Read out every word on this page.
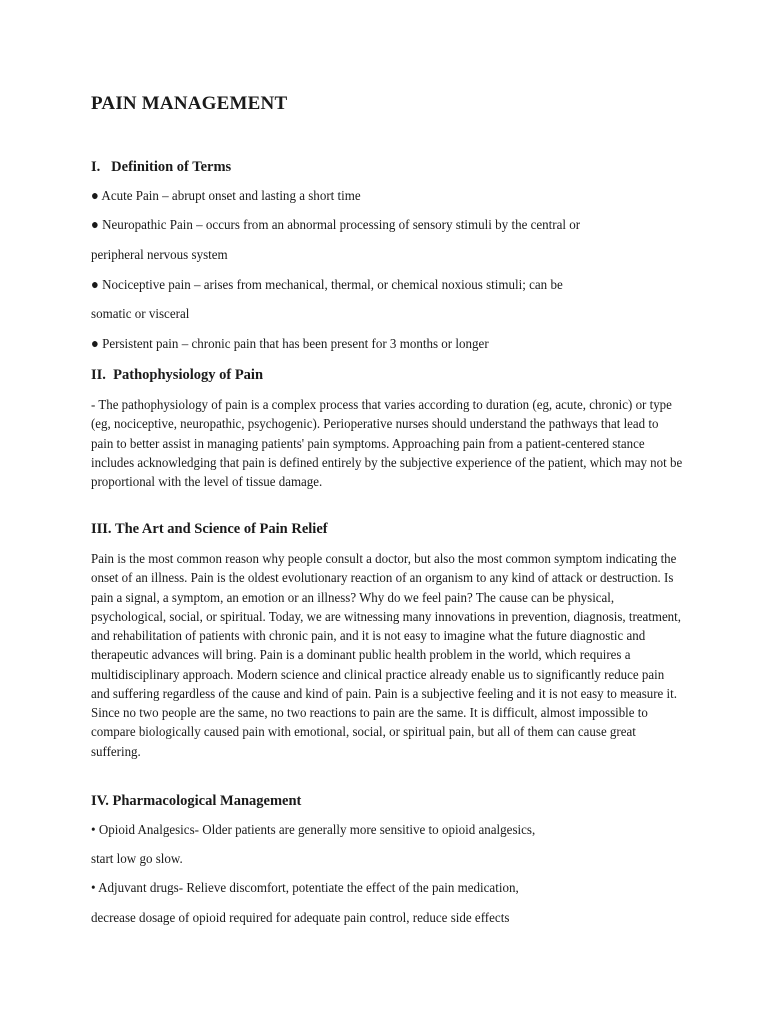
PAIN MANAGEMENT
I. Definition of Terms
● Acute Pain – abrupt onset and lasting a short time
● Neuropathic Pain – occurs from an abnormal processing of sensory stimuli by the central or
peripheral nervous system
● Nociceptive pain – arises from mechanical, thermal, or chemical noxious stimuli; can be
somatic or visceral
● Persistent pain – chronic pain that has been present for 3 months or longer
II. Pathophysiology of Pain

- The pathophysiology of pain is a complex process that varies according to duration (eg, acute, chronic) or type (eg, nociceptive, neuropathic, psychogenic). Perioperative nurses should understand the pathways that lead to pain to better assist in managing patients' pain symptoms. Approaching pain from a patient-centered stance includes acknowledging that pain is defined entirely by the subjective experience of the patient, which may not be proportional with the level of tissue damage.

III. The Art and Science of Pain Relief

Pain is the most common reason why people consult a doctor, but also the most common symptom indicating the onset of an illness. Pain is the oldest evolutionary reaction of an organism to any kind of attack or destruction. Is pain a signal, a symptom, an emotion or an illness? Why do we feel pain? The cause can be physical, psychological, social, or spiritual. Today, we are witnessing many innovations in prevention, diagnosis, treatment, and rehabilitation of patients with chronic pain, and it is not easy to imagine what the future diagnostic and therapeutic advances will bring. Pain is a dominant public health problem in the world, which requires a multidisciplinary approach. Modern science and clinical practice already enable us to significantly reduce pain and suffering regardless of the cause and kind of pain. Pain is a subjective feeling and it is not easy to measure it. Since no two people are the same, no two reactions to pain are the same. It is difficult, almost impossible to compare biologically caused pain with emotional, social, or spiritual pain, but all of them can cause great suffering.

IV. Pharmacological Management
• Opioid Analgesics- Older patients are generally more sensitive to opioid analgesics,
start low go slow.
• Adjuvant drugs- Relieve discomfort, potentiate the effect of the pain medication,
decrease dosage of opioid required for adequate pain control, reduce side effects
